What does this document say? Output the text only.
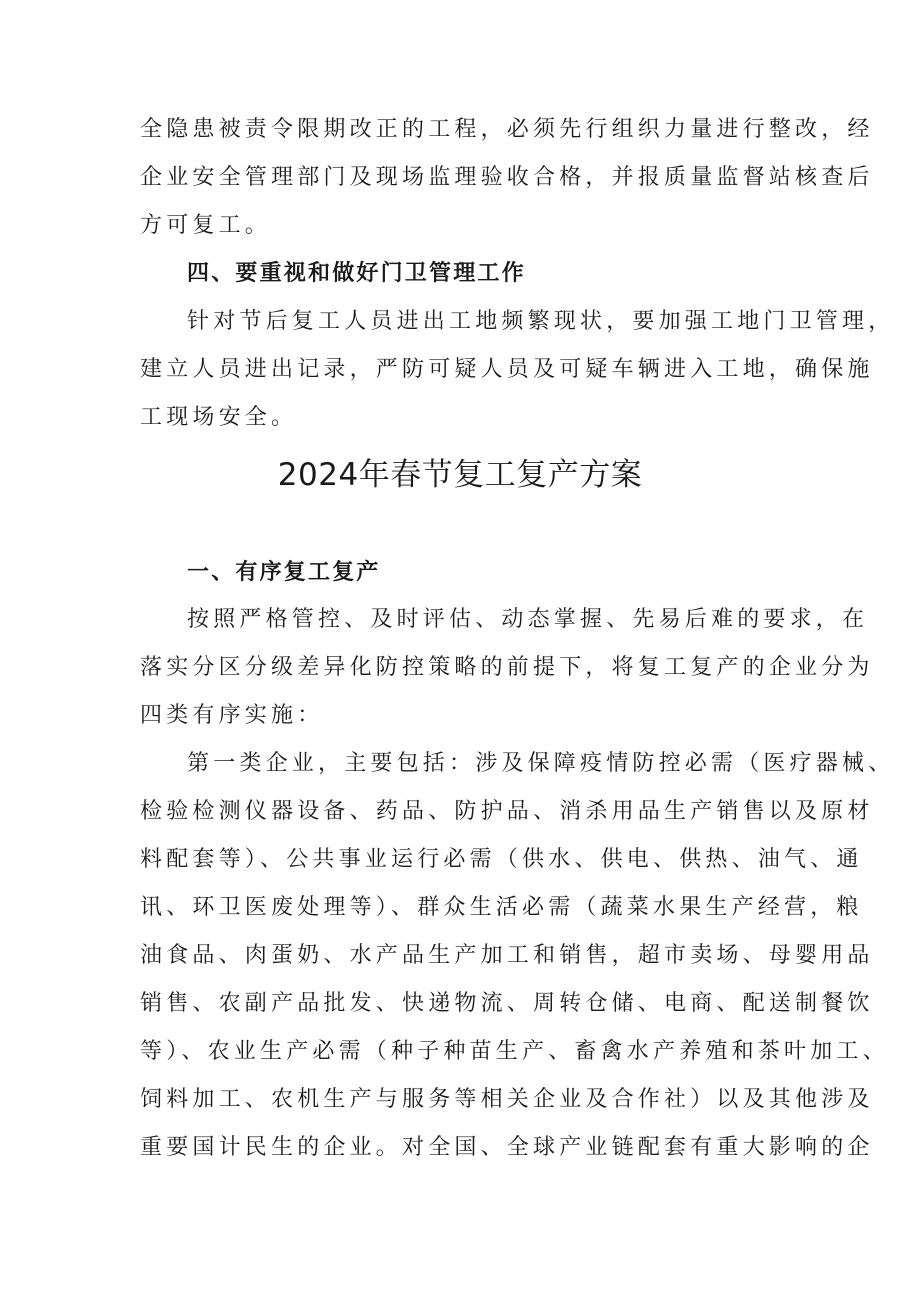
全隐患被责令限期改正的工程，必须先行组织力量进行整改，经

企业安全管理部门及现场监理验收合格，并报质量监督站核查后

方可复工。

四、要重视和做好门卫管理工作

针对节后复工人员进出工地频繁现状，要加强工地门卫管理，

建立人员进出记录，严防可疑人员及可疑车辆进入工地，确保施

工现场安全。

2024年春节复工复产方案

一、有序复工复产

按照严格管控、及时评估、动态掌握、先易后难的要求，在

落实分区分级差异化防控策略的前提下，将复工复产的企业分为

四类有序实施：

第一类企业，主要包括：涉及保障疫情防控必需（医疗器械、

检验检测仪器设备、药品、防护品、消杀用品生产销售以及原材

料配套等）、公共事业运行必需（供水、供电、供热、油气、通

讯、环卫医废处理等）、群众生活必需（蔬菜水果生产经营，粮

油食品、肉蛋奶、水产品生产加工和销售，超市卖场、母婴用品

销售、农副产品批发、快递物流、周转仓储、电商、配送制餐饮

等）、农业生产必需（种子种苗生产、畜禽水产养殖和茶叶加工、

饲料加工、农机生产与服务等相关企业及合作社）以及其他涉及

重要国计民生的企业。对全国、全球产业链配套有重大影响的企
